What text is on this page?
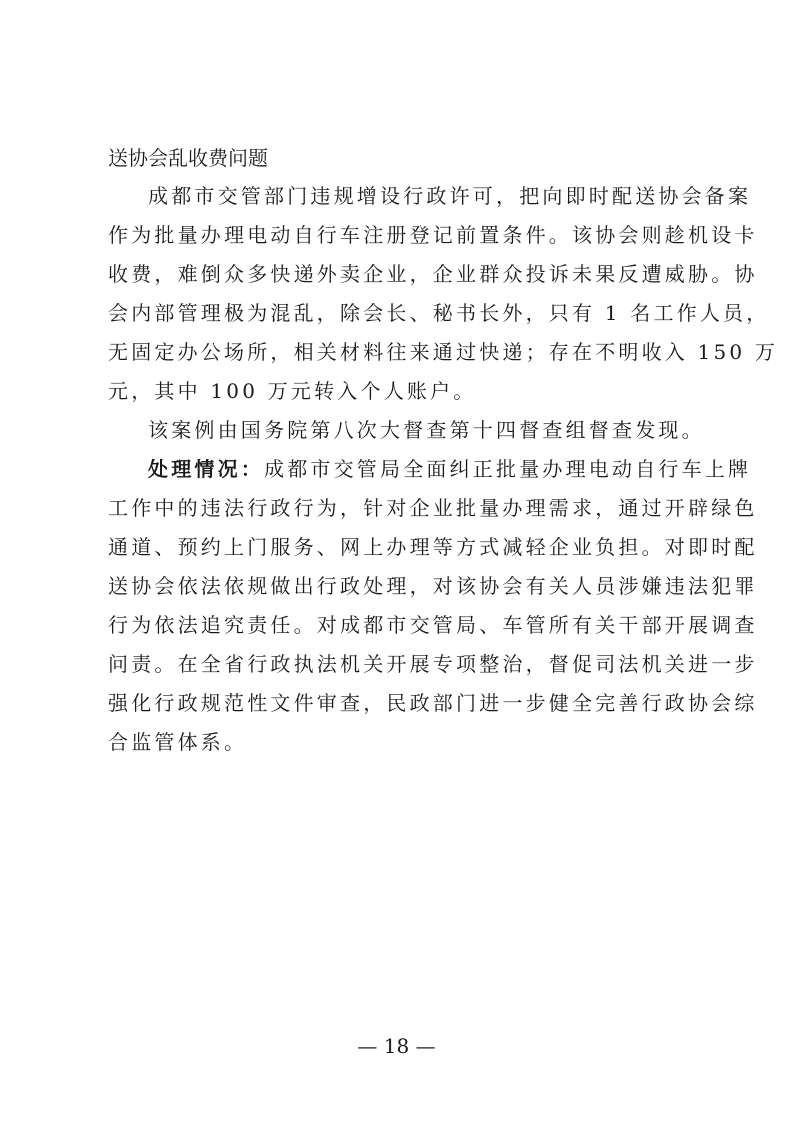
送协会乱收费问题
成都市交管部门违规增设行政许可，把向即时配送协会备案
作为批量办理电动自行车注册登记前置条件。该协会则趁机设卡
收费，难倒众多快递外卖企业，企业群众投诉未果反遭威胁。协
会内部管理极为混乱，除会长、秘书长外，只有 1 名工作人员，
无固定办公场所，相关材料往来通过快递；存在不明收入 150 万
元，其中 100 万元转入个人账户。
该案例由国务院第八次大督查第十四督查组督查发现。
处理情况：成都市交管局全面纠正批量办理电动自行车上牌
工作中的违法行政行为，针对企业批量办理需求，通过开辟绿色
通道、预约上门服务、网上办理等方式减轻企业负担。对即时配
送协会依法依规做出行政处理，对该协会有关人员涉嫌违法犯罪
行为依法追究责任。对成都市交管局、车管所有关干部开展调查
问责。在全省行政执法机关开展专项整治，督促司法机关进一步
强化行政规范性文件审查，民政部门进一步健全完善行政协会综
合监管体系。
— 18 —
